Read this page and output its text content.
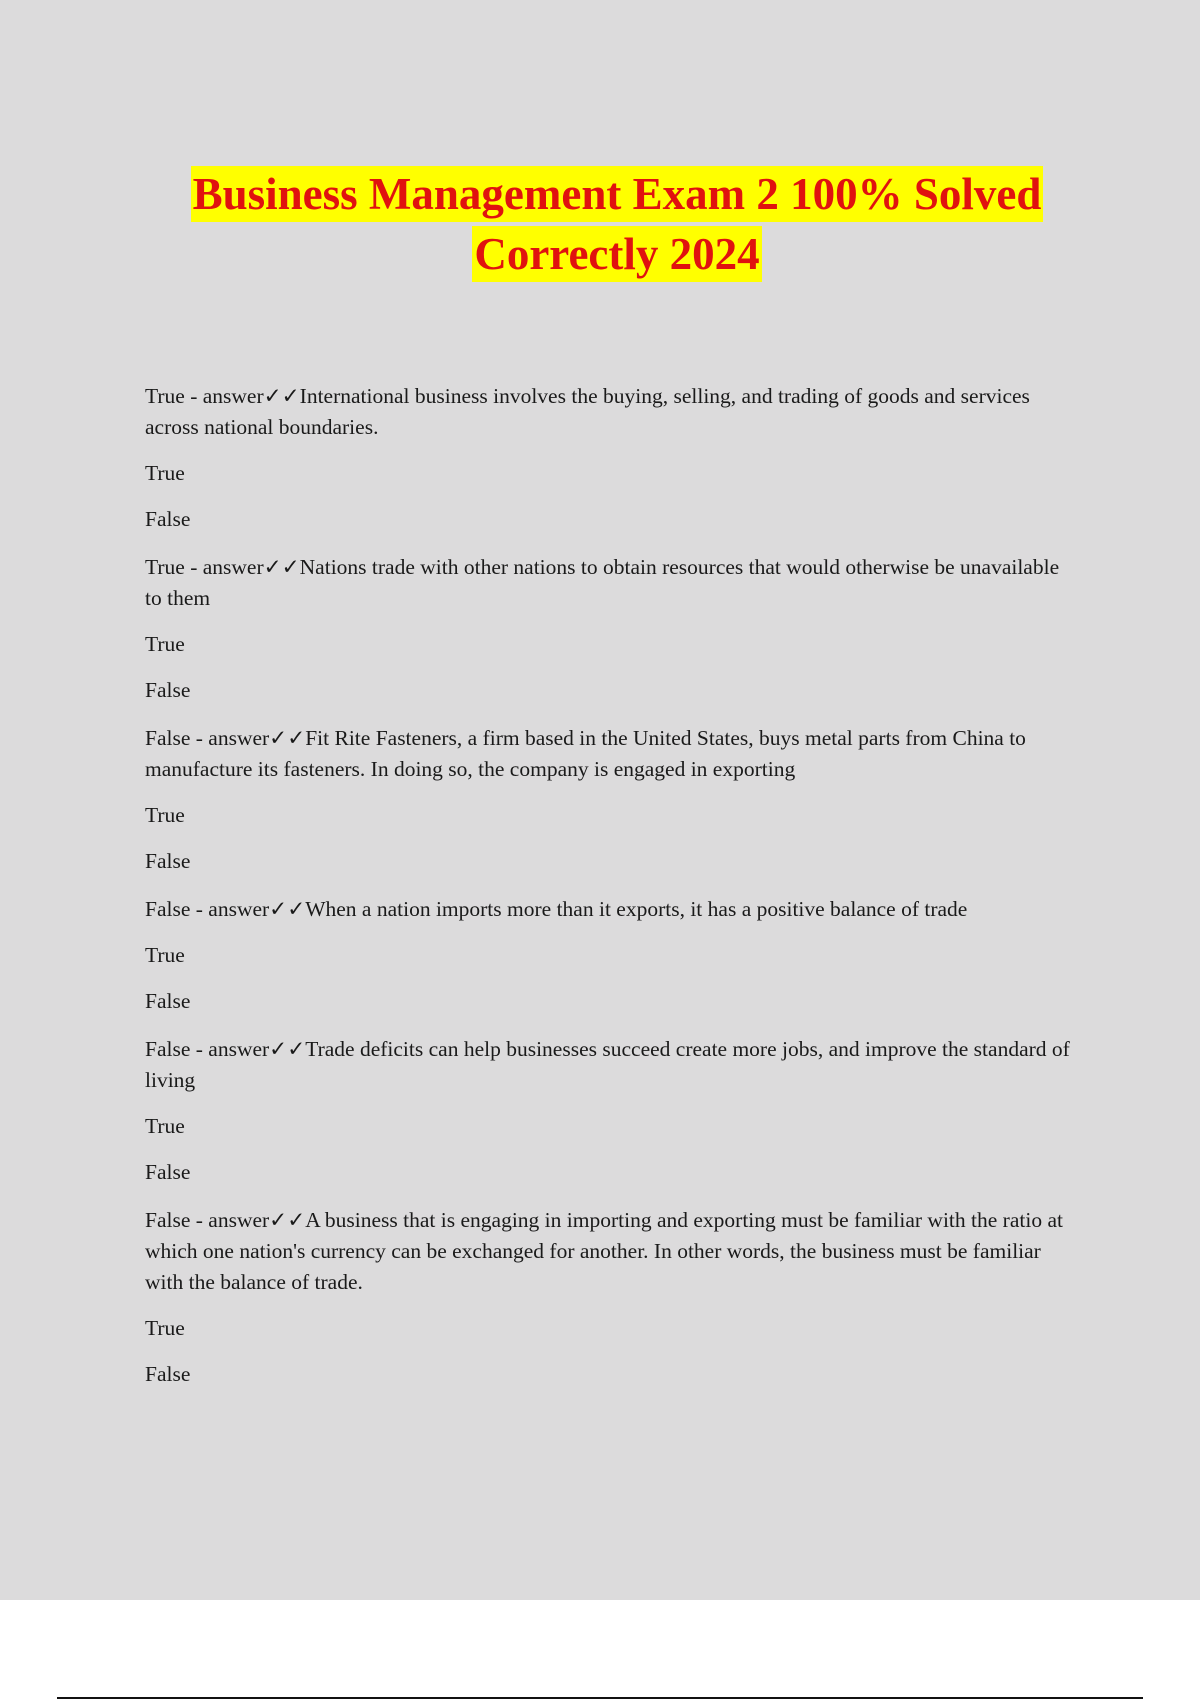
Business Management Exam 2 100% Solved
Correctly 2024
True - answer✓✓International business involves the buying, selling, and trading of goods and services across national boundaries.
True
False
True - answer✓✓Nations trade with other nations to obtain resources that would otherwise be unavailable to them
True
False
False - answer✓✓Fit Rite Fasteners, a firm based in the United States, buys metal parts from China to manufacture its fasteners. In doing so, the company is engaged in exporting
True
False
False - answer✓✓When a nation imports more than it exports, it has a positive balance of trade
True
False
False - answer✓✓Trade deficits can help businesses succeed create more jobs, and improve the standard of living
True
False
False - answer✓✓A business that is engaging in importing and exporting must be familiar with the ratio at which one nation's currency can be exchanged for another. In other words, the business must be familiar with the balance of trade.
True
False
